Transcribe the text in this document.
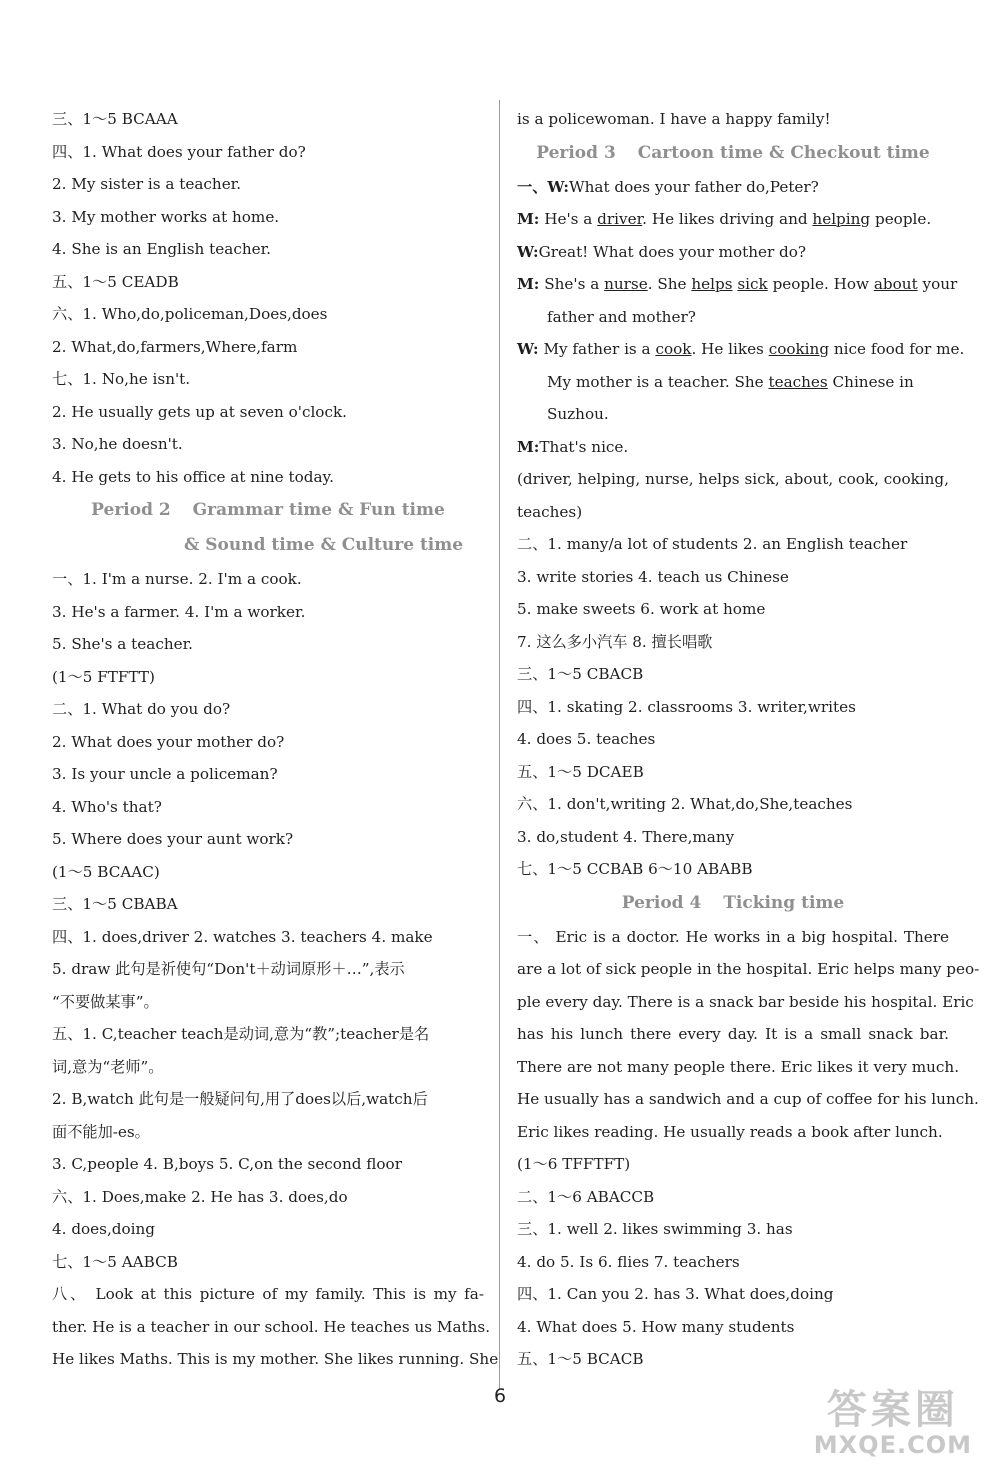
三、1～5 BCAAA
四、1. What does your father do?
2. My sister is a teacher.
3. My mother works at home.
4. She is an English teacher.
五、1～5 CEADB
六、1. Who,do,policeman,Does,does
2. What,do,farmers,Where,farm
七、1. No,he isn't.
2. He usually gets up at seven o'clock.
3. No,he doesn't.
4. He gets to his office at nine today.
Period 2 Grammar time & Fun time
& Sound time & Culture time
一、1. I'm a nurse. 2. I'm a cook.
3. He's a farmer. 4. I'm a worker.
5. She's a teacher.
(1～5 FTFTT)
二、1. What do you do?
2. What does your mother do?
3. Is your uncle a policeman?
4. Who's that?
5. Where does your aunt work?
(1～5 BCAAC)
三、1～5 CBABA
四、1. does,driver 2. watches 3. teachers 4. make
5. draw 此句是祈使句“Don't＋动词原形＋…”,表示
“不要做某事”。
五、1. C,teacher teach是动词,意为“教”;teacher是名
词,意为“老师”。
2. B,watch 此句是一般疑问句,用了does以后,watch后
面不能加-es。
3. C,people 4. B,boys 5. C,on the second floor
六、1. Does,make 2. He has 3. does,do
4. does,doing
七、1～5 AABCB
八、 Look at this picture of my family. This is my fa-
ther. He is a teacher in our school. He teaches us Maths.
He likes Maths. This is my mother. She likes running. She
is a policewoman. I have a happy family!
Period 3 Cartoon time & Checkout time
一、W:What does your father do,Peter?
M: He's a driver. He likes driving and helping people.
W:Great! What does your mother do?
M: She's a nurse. She helps sick people. How about your
father and mother?
W: My father is a cook. He likes cooking nice food for me.
My mother is a teacher. She teaches Chinese in
Suzhou.
M:That's nice.
(driver, helping, nurse, helps sick, about, cook, cooking,
teaches)
二、1. many/a lot of students 2. an English teacher
3. write stories 4. teach us Chinese
5. make sweets 6. work at home
7. 这么多小汽车 8. 擅长唱歌
三、1～5 CBACB
四、1. skating 2. classrooms 3. writer,writes
4. does 5. teaches
五、1～5 DCAEB
六、1. don't,writing 2. What,do,She,teaches
3. do,student 4. There,many
七、1～5 CCBAB 6～10 ABABB
Period 4 Ticking time
一、 Eric is a doctor. He works in a big hospital. There
are a lot of sick people in the hospital. Eric helps many peo-
ple every day. There is a snack bar beside his hospital. Eric
has his lunch there every day. It is a small snack bar.
There are not many people there. Eric likes it very much.
He usually has a sandwich and a cup of coffee for his lunch.
Eric likes reading. He usually reads a book after lunch.
(1～6 TFFTFT)
二、1～6 ABACCB
三、1. well 2. likes swimming 3. has
4. do 5. Is 6. flies 7. teachers
四、1. Can you 2. has 3. What does,doing
4. What does 5. How many students
五、1～5 BCACB
6	答案圈
MXQE.COM
